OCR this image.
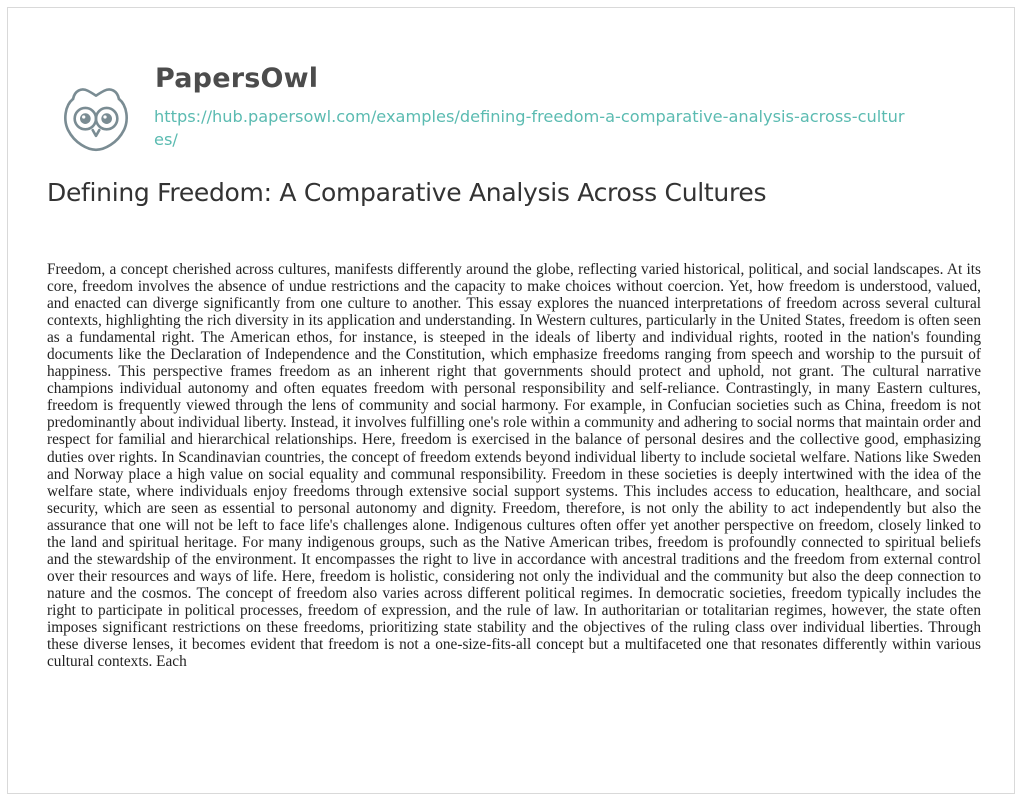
PapersOwl
https://hub.papersowl.com/examples/defining-freedom-a-comparative-analysis-across-cultures/
Defining Freedom: A Comparative Analysis Across Cultures

Freedom, a concept cherished across cultures, manifests differently around the globe, reflecting varied historical, political, and social landscapes. At its core, freedom involves the absence of undue restrictions and the capacity to make choices without coercion. Yet, how freedom is understood, valued, and enacted can diverge significantly from one culture to another. This essay explores the nuanced interpretations of freedom across several cultural contexts, highlighting the rich diversity in its application and understanding. In Western cultures, particularly in the United States, freedom is often seen as a fundamental right. The American ethos, for instance, is steeped in the ideals of liberty and individual rights, rooted in the nation's founding documents like the Declaration of Independence and the Constitution, which emphasize freedoms ranging from speech and worship to the pursuit of happiness. This perspective frames freedom as an inherent right that governments should protect and uphold, not grant. The cultural narrative champions individual autonomy and often equates freedom with personal responsibility and self-reliance. Contrastingly, in many Eastern cultures, freedom is frequently viewed through the lens of community and social harmony. For example, in Confucian societies such as China, freedom is not predominantly about individual liberty. Instead, it involves fulfilling one's role within a community and adhering to social norms that maintain order and respect for familial and hierarchical relationships. Here, freedom is exercised in the balance of personal desires and the collective good, emphasizing duties over rights. In Scandinavian countries, the concept of freedom extends beyond individual liberty to include societal welfare. Nations like Sweden and Norway place a high value on social equality and communal responsibility. Freedom in these societies is deeply intertwined with the idea of the welfare state, where individuals enjoy freedoms through extensive social support systems. This includes access to education, healthcare, and social security, which are seen as essential to personal autonomy and dignity. Freedom, therefore, is not only the ability to act independently but also the assurance that one will not be left to face life's challenges alone. Indigenous cultures often offer yet another perspective on freedom, closely linked to the land and spiritual heritage. For many indigenous groups, such as the Native American tribes, freedom is profoundly connected to spiritual beliefs and the stewardship of the environment. It encompasses the right to live in accordance with ancestral traditions and the freedom from external control over their resources and ways of life. Here, freedom is holistic, considering not only the individual and the community but also the deep connection to nature and the cosmos. The concept of freedom also varies across different political regimes. In democratic societies, freedom typically includes the right to participate in political processes, freedom of expression, and the rule of law. In authoritarian or totalitarian regimes, however, the state often imposes significant restrictions on these freedoms, prioritizing state stability and the objectives of the ruling class over individual liberties. Through these diverse lenses, it becomes evident that freedom is not a one-size-fits-all concept but a multifaceted one that resonates differently within various cultural contexts. Each
